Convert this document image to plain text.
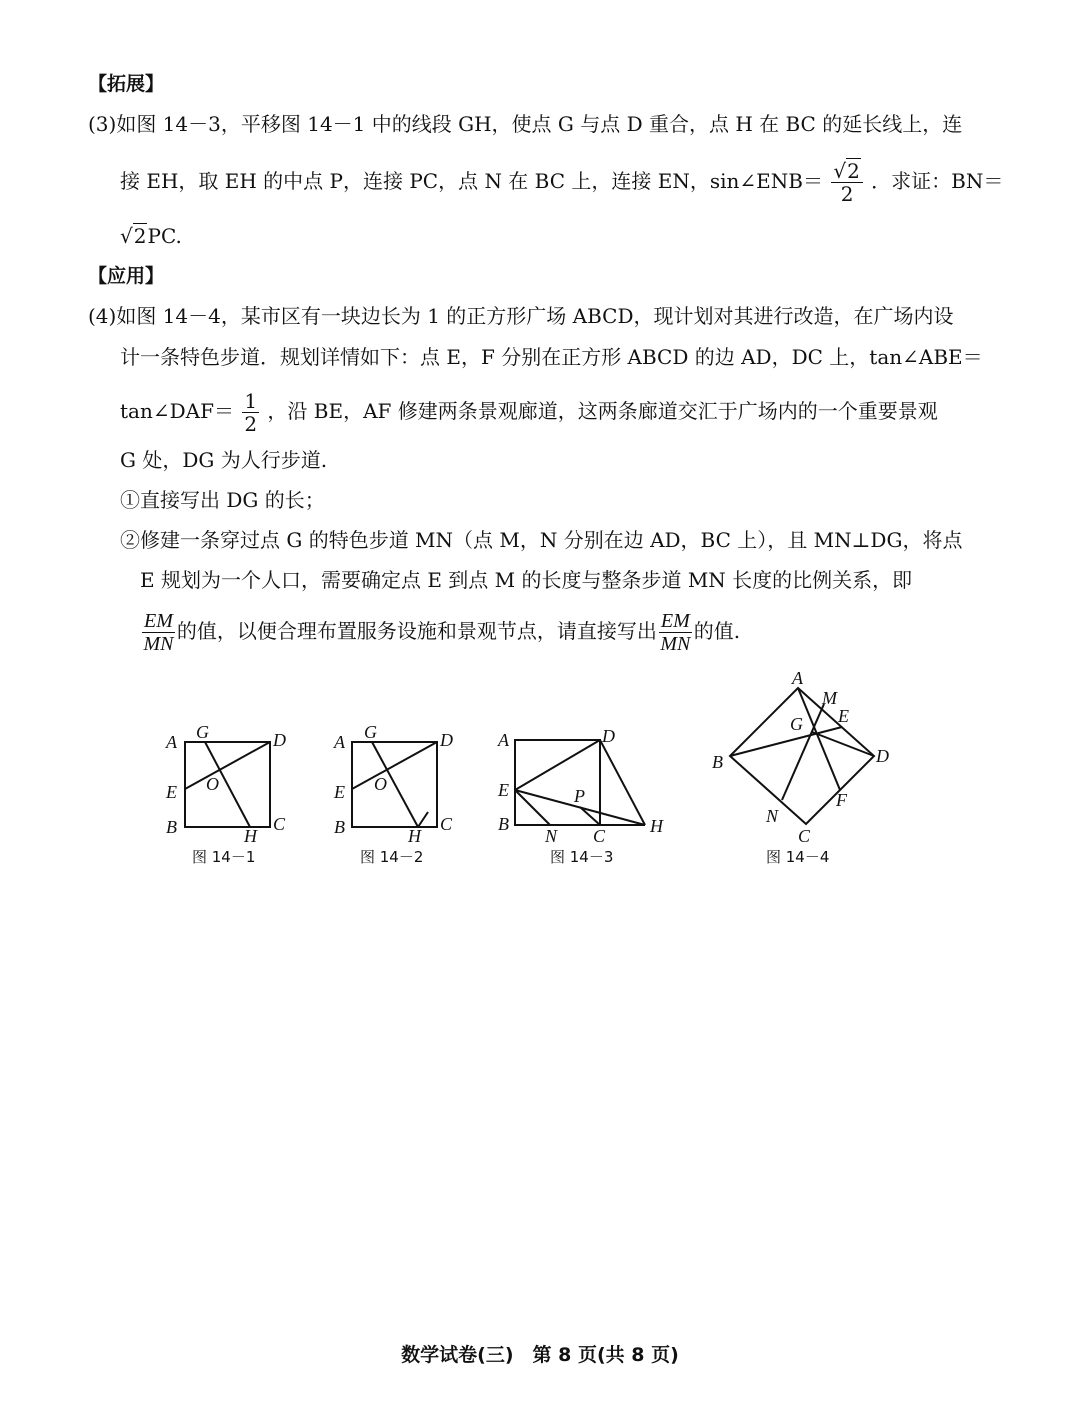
【拓展】
(3)如图 14－3，平移图 14－1 中的线段 GH，使点 G 与点 D 重合，点 H 在 BC 的延长线上，连
接 EH，取 EH 的中点 P，连接 PC，点 N 在 BC 上，连接 EN，sin∠ENB＝ $\frac{√2}{2}$ ．求证：BN＝
√2PC.
【应用】
(4)如图 14－4，某市区有一块边长为 1 的正方形广场 ABCD，现计划对其进行改造，在广场内设
计一条特色步道．规划详情如下：点 E，F 分别在正方形 ABCD 的边 AD，DC 上，tan∠ABE＝
tan∠DAF＝ $\frac{1}{2}$ ，沿 BE，AF 修建两条景观廊道，这两条廊道交汇于广场内的一个重要景观
G 处，DG 为人行步道.
①直接写出 DG 的长；
②修建一条穿过点 G 的特色步道 MN（点 M，N 分别在边 AD，BC 上），且 MN⊥DG，将点
E 规划为一个人口，需要确定点 E 到点 M 的长度与整条步道 MN 长度的比例关系，即
$\frac{EM}{MN}$ 的值，以便合理布置服务设施和景观节点，请直接写出 $\frac{EM}{MN}$ 的值.
A G	D
E O
B	H
C
图 14－1
A G	D
E O
B	H
C
图 14－2
A	D
E	P
B
N C H
图 14－3
A
M
E
G
D
B
F
N
C
图 14－4
数学试卷(三)　第 8 页(共 8 页)
